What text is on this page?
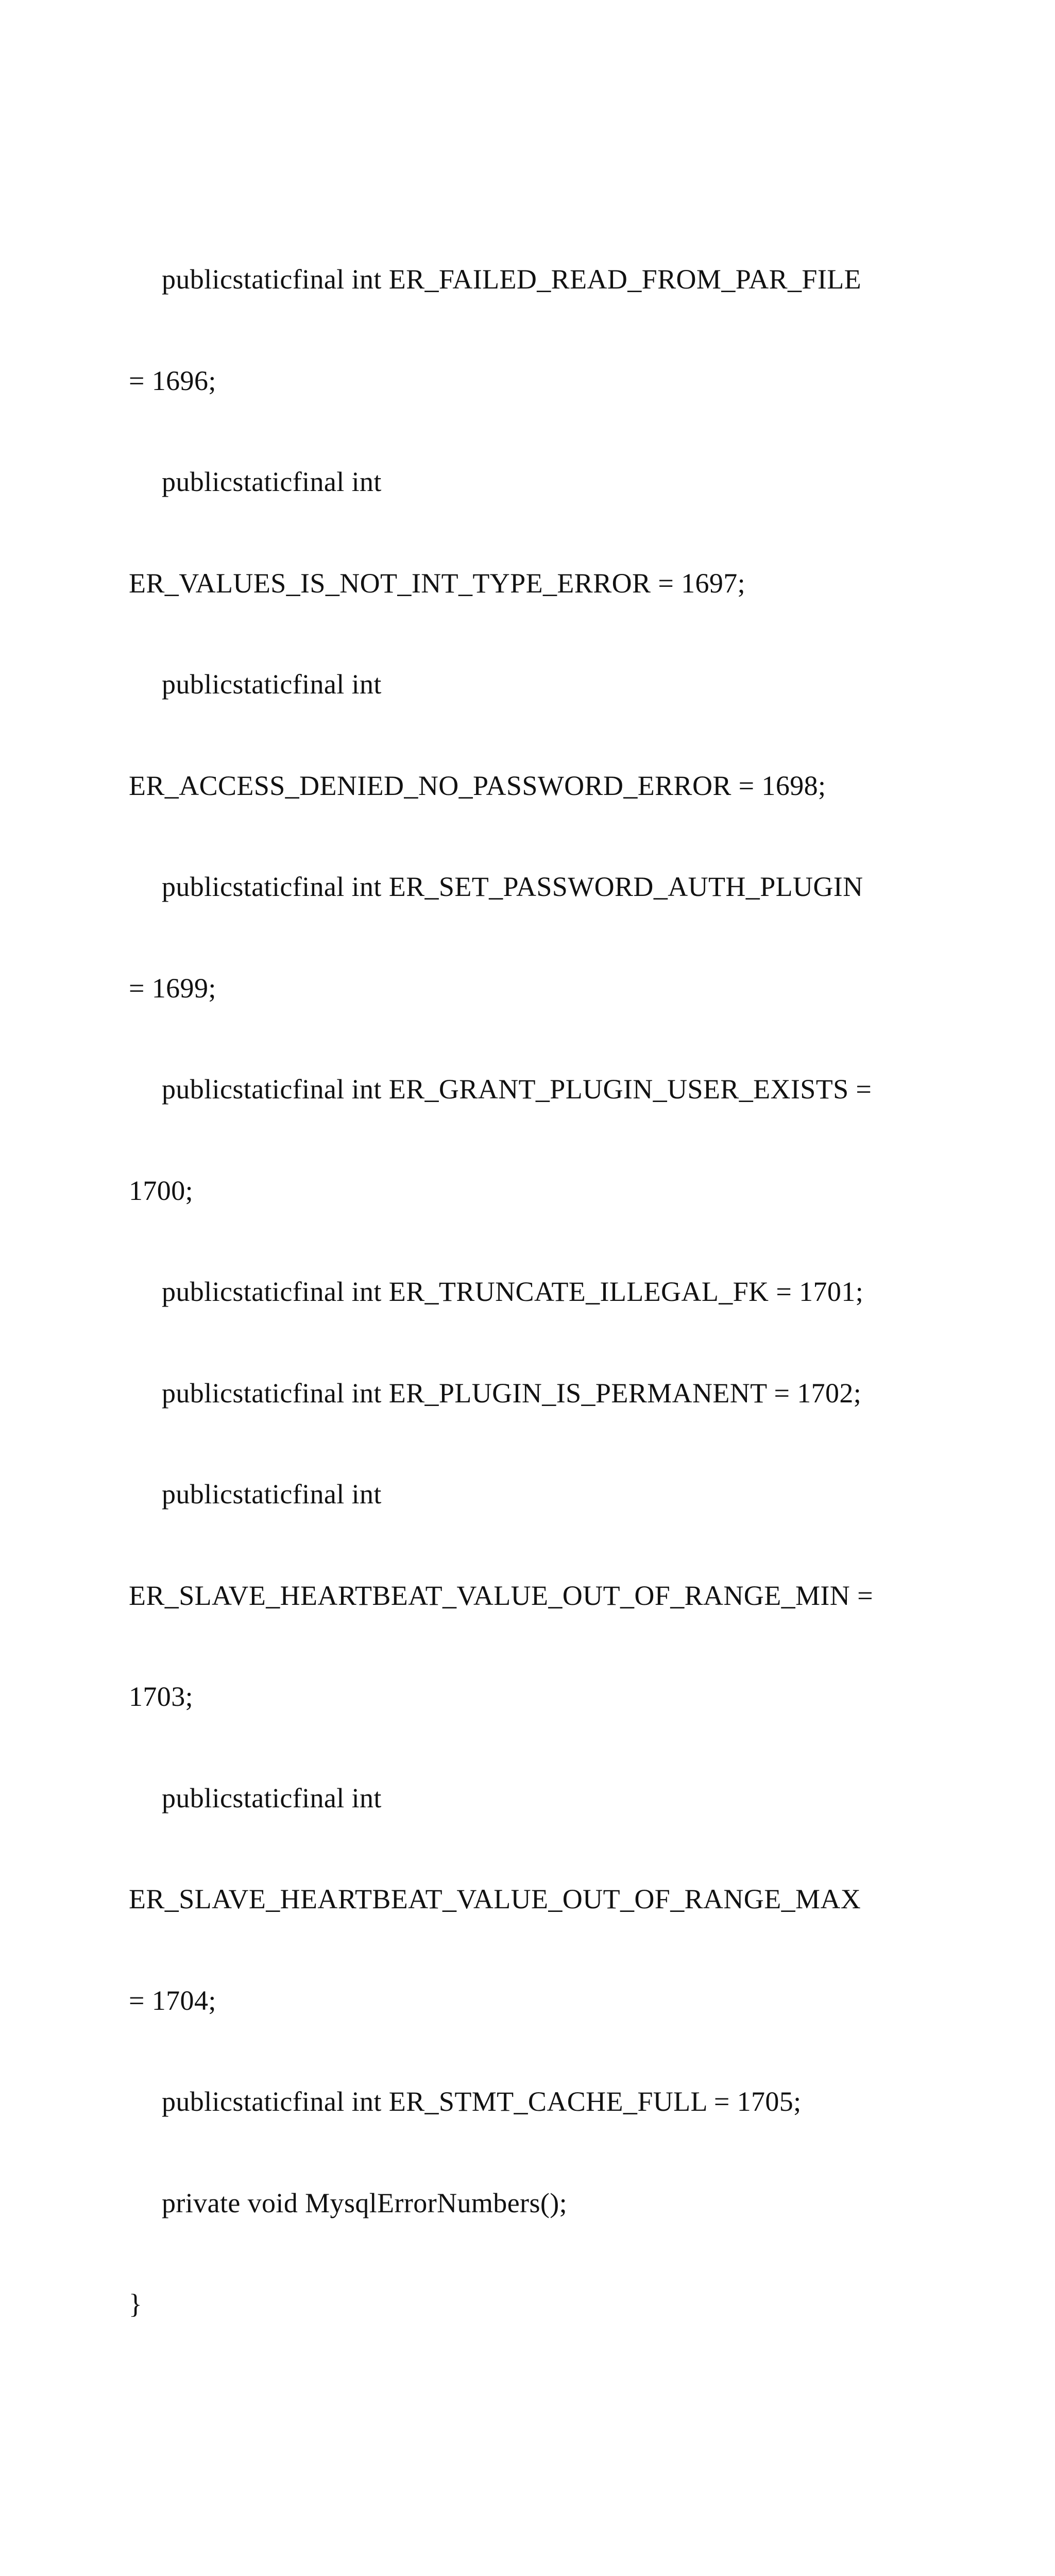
publicstaticfinal int ER_FAILED_READ_FROM_PAR_FILE

= 1696;

publicstaticfinal int

ER_VALUES_IS_NOT_INT_TYPE_ERROR = 1697;

publicstaticfinal int

ER_ACCESS_DENIED_NO_PASSWORD_ERROR = 1698;

publicstaticfinal int ER_SET_PASSWORD_AUTH_PLUGIN

= 1699;

publicstaticfinal int ER_GRANT_PLUGIN_USER_EXISTS =

1700;

publicstaticfinal int ER_TRUNCATE_ILLEGAL_FK = 1701;

publicstaticfinal int ER_PLUGIN_IS_PERMANENT = 1702;

publicstaticfinal int

ER_SLAVE_HEARTBEAT_VALUE_OUT_OF_RANGE_MIN =

1703;

publicstaticfinal int

ER_SLAVE_HEARTBEAT_VALUE_OUT_OF_RANGE_MAX

= 1704;

publicstaticfinal int ER_STMT_CACHE_FULL = 1705;

private void MysqlErrorNumbers();

}
